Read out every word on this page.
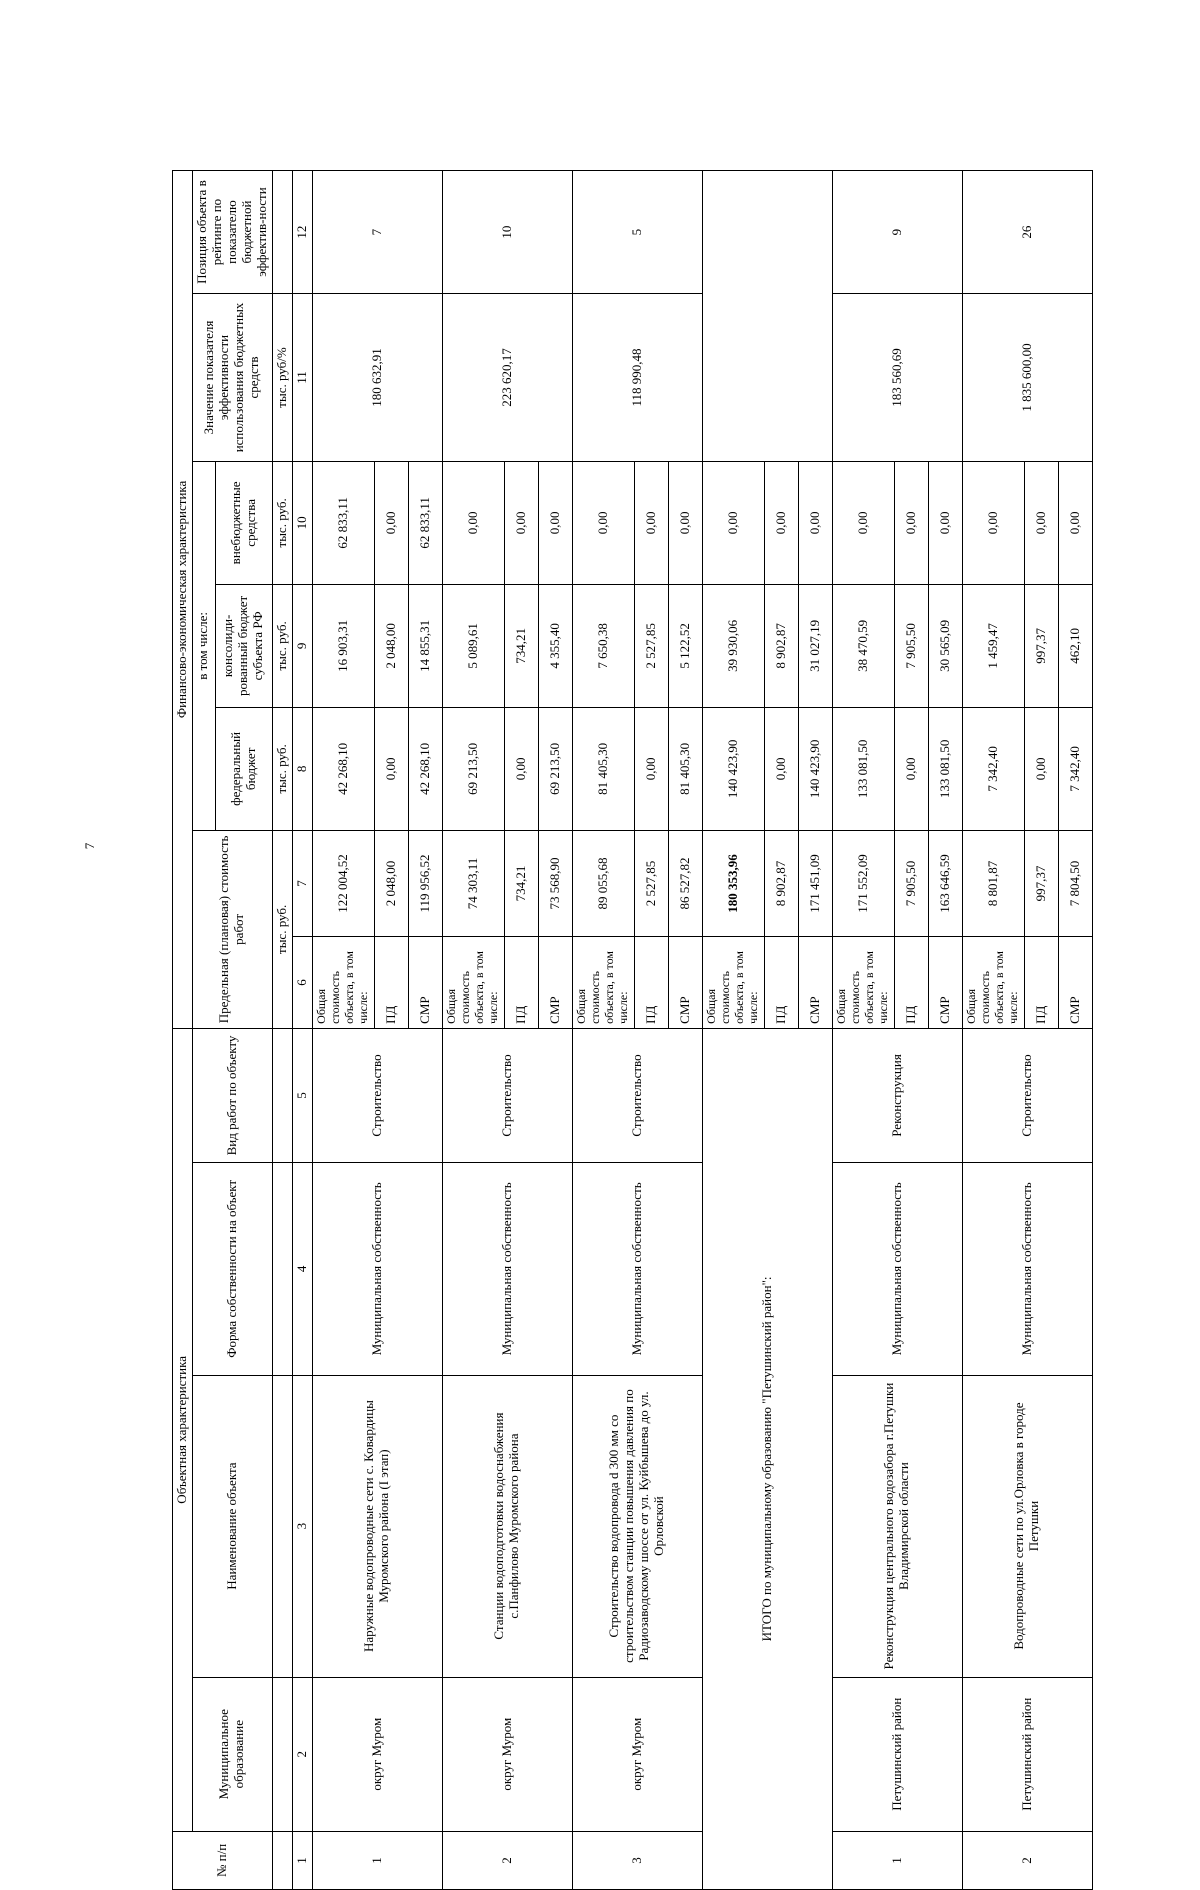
7
№ п/п	Объектная характеристика				Финансово-экономическая характеристика						
	Муниципальное образование	Наименование объекта	Форма собственности на объект	Вид работ по объекту	Предельная (плановая) стоимость работ		в том числе:			Значение показателя эффективности использования бюджетных средств	Позиция объекта в рейтинге по показателю бюджетной эффектив-ности
							федеральный бюджет	консолиди-рованный бюджет субъекта РФ	внебюджетные средства		
					тыс. руб.		тыс. руб.	тыс. руб.	тыс. руб.	тыс. руб/%	
1	2	3	4	5	6	7	8	9	10	11	12
1	округ Муром	Наружные водопроводные сети с. Ковардицы Муромского района (I этап)	Муниципальная собственность	Строительство	Общая стоимость объекта, в том числе:	122 004,52	42 268,10	16 903,31	62 833,11	180 632,91	7
					ПД	2 048,00	0,00	2 048,00	0,00		
					СМР	119 956,52	42 268,10	14 855,31	62 833,11		
2	округ Муром	Станции водоподготовки водоснабжения с.Панфилово Муромского района	Муниципальная собственность	Строительство	Общая стоимость объекта, в том числе:	74 303,11	69 213,50	5 089,61	0,00	223 620,17	10
					ПД	734,21	0,00	734,21	0,00		
					СМР	73 568,90	69 213,50	4 355,40	0,00		
3	округ Муром	Строительство водопровода d 300 мм со строительством станции повышения давления по Радиозаводскому шоссе от ул. Куйбышева до ул. Орловской	Муниципальная собственность	Строительство	Общая стоимость объекта, в том числе:	89 055,68	81 405,30	7 650,38	0,00	118 990,48	5
					ПД	2 527,85	0,00	2 527,85	0,00		
					СМР	86 527,82	81 405,30	5 122,52	0,00		
ИТОГО по муниципальному образованию "Петушинский район":					Общая стоимость объекта, в том числе:	180 353,96	140 423,90	39 930,06	0,00		
					ПД	8 902,87	0,00	8 902,87	0,00		
					СМР	171 451,09	140 423,90	31 027,19	0,00		
1	Петушинский район	Реконструкция центрального водозабора г.Петушки Владимирской области	Муниципальная собственность	Реконструкция	Общая стоимость объекта, в том числе:	171 552,09	133 081,50	38 470,59	0,00	183 560,69	9
					ПД	7 905,50	0,00	7 905,50	0,00		
					СМР	163 646,59	133 081,50	30 565,09	0,00		
2	Петушинский район	Водопроводные сети по ул.Орловка в городе Петушки	Муниципальная собственность	Строительство	Общая стоимость объекта, в том числе:	8 801,87	7 342,40	1 459,47	0,00	1 835 600,00	26
					ПД	997,37	0,00	997,37	0,00		
					СМР	7 804,50	7 342,40	462,10	0,00		
